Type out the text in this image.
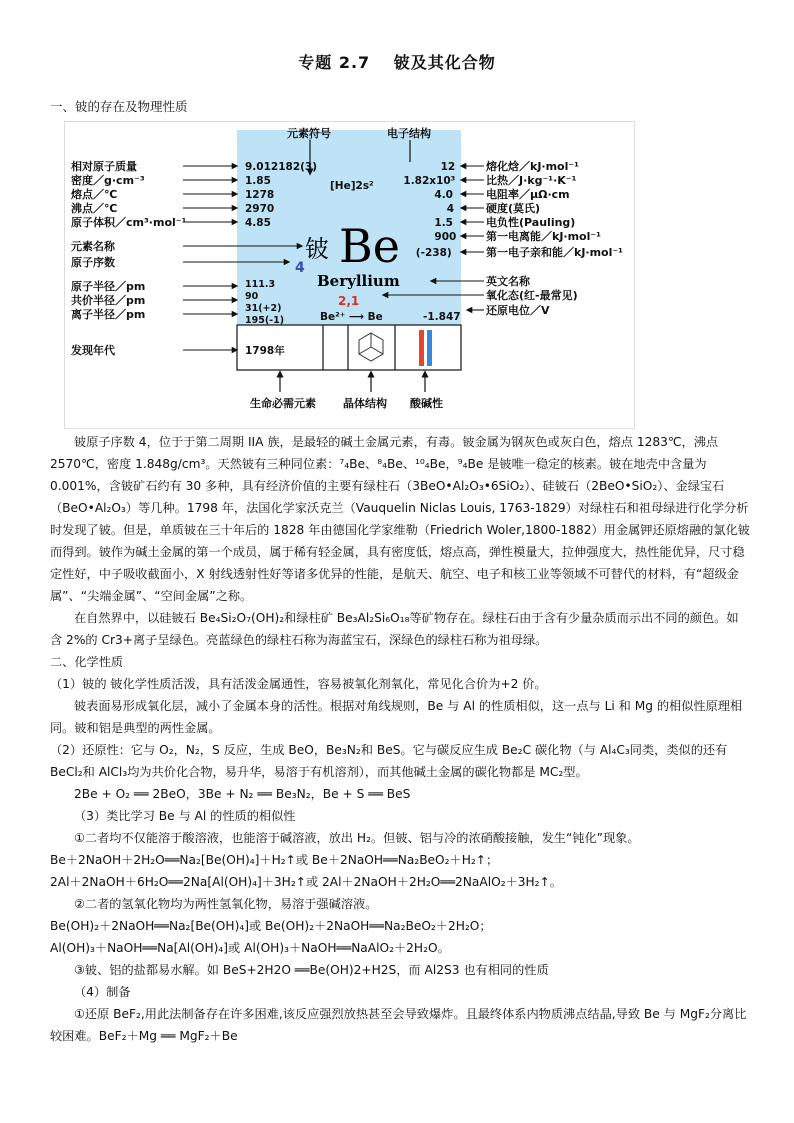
专题 2.7　 铍及其化合物
一、铍的存在及物理性质
元素符号	电子结构
相对原子质量
密度／g·cm⁻³
熔点／℃
沸点／℃
原子体积／cm³·mol⁻¹
元素名称
原子序数
原子半径／pm
共价半径／pm
离子半径／pm
发现年代
9.012182(3)
1.85
1278
2970
4.85
[He]2s²
铍 Be
4
Beryllium
2,1
Be²⁺ ⟶ Be	-1.847
1798年
111.3
90
31(+2)
195(-1)
12
1.82x10³
4.0
4
1.5
900
(-238)
熔化焓／kJ·mol⁻¹
比热／J·kg⁻¹·K⁻¹
电阻率／μΩ·cm
硬度(莫氏)
电负性(Pauling)
第一电离能／kJ·mol⁻¹
第一电子亲和能／kJ·mol⁻¹
英文名称
氧化态(红-最常见)
还原电位／V
生命必需元素 晶体结构 酸碱性

铍原子序数 4，位于于第二周期 IIA 族，是最轻的碱土金属元素，有毒。铍金属为钢灰色或灰白色，熔点 1283℃，沸点 2570℃，密度 1.848g/cm³。天然铍有三种同位素：⁷₄Be、⁸₄Be、¹⁰₄Be，⁹₄Be 是铍唯一稳定的核素。铍在地壳中含量为 0.001%，含铍矿石约有 30 多种，具有经济价值的主要有绿柱石（3BeO•Al₂O₃•6SiO₂）、硅铍石（2BeO•SiO₂）、金绿宝石（BeO•Al₂O₃）等几种。1798 年，法国化学家沃克兰（Vauquelin Niclas Louis, 1763-1829）对绿柱石和祖母绿进行化学分析时发现了铍。但是，单质铍在三十年后的 1828 年由德国化学家维勒（Friedrich Woler,1800-1882）用金属钾还原熔融的氯化铍而得到。铍作为碱土金属的第一个成员，属于稀有轻金属，具有密度低，熔点高，弹性模量大，拉伸强度大，热性能优异，尺寸稳定性好，中子吸收截面小，X 射线透射性好等诸多优异的性能，是航天、航空、电子和核工业等领域不可替代的材料，有“超级金属”、“尖端金属”、“空间金属”之称。

在自然界中，以硅铍石 Be₄Si₂O₇(OH)₂和绿柱矿 Be₃Al₂Si₆O₁₈等矿物存在。绿柱石由于含有少量杂质而示出不同的颜色。如含 2%的 Cr3+离子呈绿色。亮蓝绿色的绿柱石称为海蓝宝石，深绿色的绿柱石称为祖母绿。

二、化学性质

（1）铍的 铍化学性质活泼，具有活泼金属通性，容易被氧化剂氧化，常见化合价为+2 价。

铍表面易形成氧化层，减小了金属本身的活性。根据对角线规则，Be 与 Al 的性质相似，这一点与 Li 和 Mg 的相似性原理相同。铍和铝是典型的两性金属。

（2）还原性：它与 O₂，N₂，S 反应，生成 BeO，Be₃N₂和 BeS。它与碳反应生成 Be₂C 碳化物（与 Al₄C₃同类，类似的还有 BeCl₂和 AlCl₃均为共价化合物，易升华，易溶于有机溶剂），而其他碱土金属的碳化物都是 MC₂型。

2Be + O₂ ══ 2BeO，3Be + N₂ ══ Be₃N₂，Be + S ══ BeS

（3）类比学习 Be 与 Al 的性质的相似性

①二者均不仅能溶于酸溶液，也能溶于碱溶液，放出 H₂。但铍、铝与冷的浓硝酸接触，发生“钝化”现象。

Be＋2NaOH＋2H₂O══Na₂[Be(OH)₄]＋H₂↑或 Be＋2NaOH══Na₂BeO₂＋H₂↑；

2Al＋2NaOH＋6H₂O══2Na[Al(OH)₄]＋3H₂↑或 2Al＋2NaOH＋2H₂O══2NaAlO₂＋3H₂↑。

②二者的氢氧化物均为两性氢氧化物，易溶于强碱溶液。

Be(OH)₂＋2NaOH══Na₂[Be(OH)₄]或 Be(OH)₂＋2NaOH══Na₂BeO₂＋2H₂O；

Al(OH)₃＋NaOH══Na[Al(OH)₄]或 Al(OH)₃＋NaOH══NaAlO₂＋2H₂O。

③铍、铝的盐都易水解。如 BeS+2H2O ══Be(OH)2+H2S，而 Al2S3 也有相同的性质

（4）制备

①还原 BeF₂,用此法制备存在许多困难,该反应强烈放热甚至会导致爆炸。且最终体系内物质沸点结晶,导致 Be 与 MgF₂分离比较困难。BeF₂＋Mg ══ MgF₂＋Be
